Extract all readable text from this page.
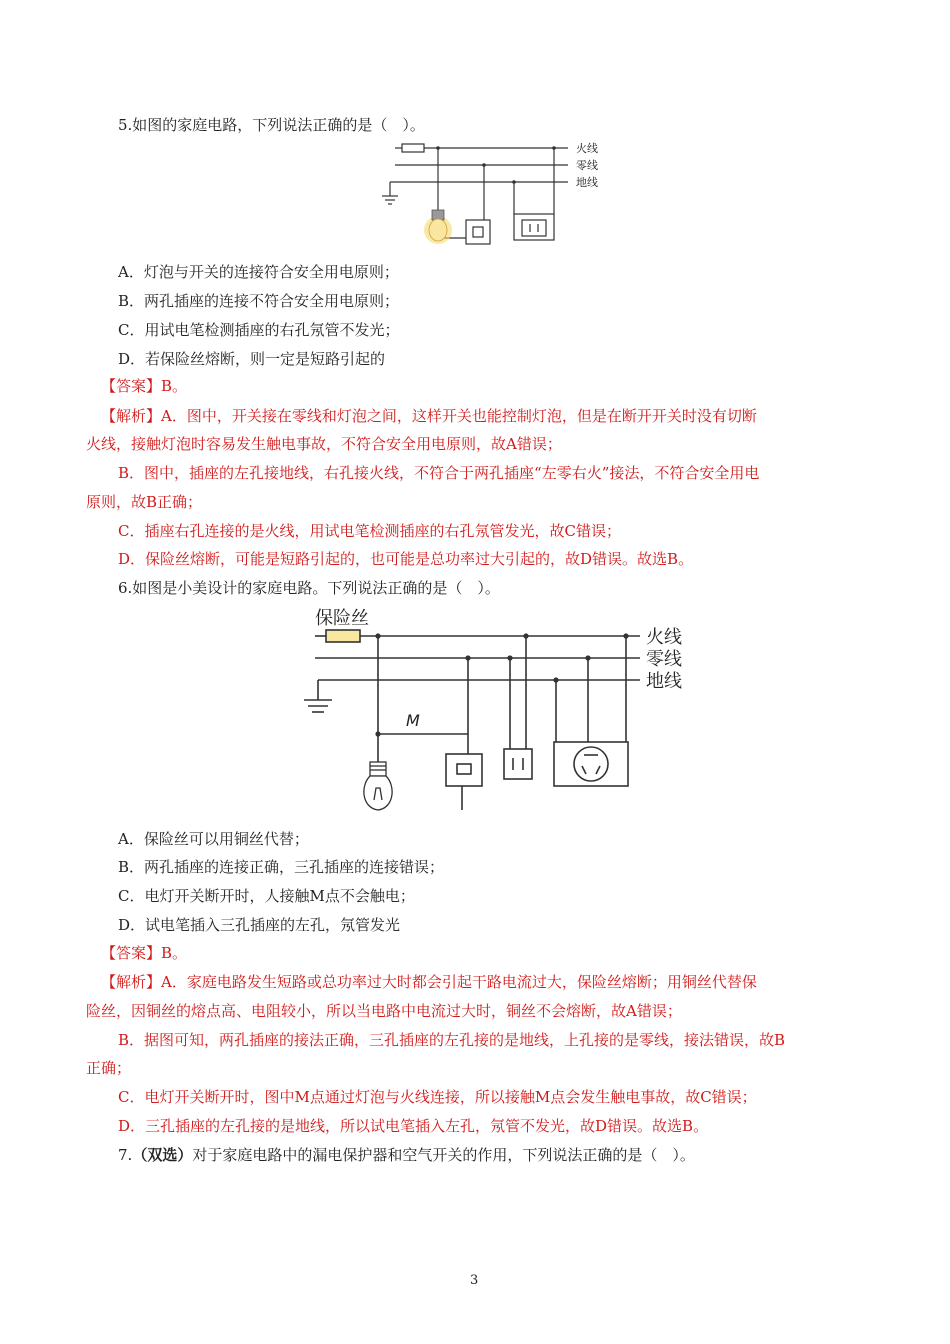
5.如图的家庭电路，下列说法正确的是（　）。
火线
零线
地线
A．灯泡与开关的连接符合安全用电原则；
B．两孔插座的连接不符合安全用电原则；
C．用试电笔检测插座的右孔氖管不发光；
D．若保险丝熔断，则一定是短路引起的
【答案】B。
【解析】A．图中，开关接在零线和灯泡之间，这样开关也能控制灯泡，但是在断开开关时没有切断
火线，接触灯泡时容易发生触电事故，不符合安全用电原则，故A错误；
B．图中，插座的左孔接地线，右孔接火线，不符合于两孔插座“左零右火”接法，不符合安全用电
原则，故B正确；
C．插座右孔连接的是火线，用试电笔检测插座的右孔氖管发光，故C错误；
D．保险丝熔断，可能是短路引起的，也可能是总功率过大引起的，故D错误。故选B。
6.如图是小美设计的家庭电路。下列说法正确的是（　）。
保险丝
火线
零线
地线
M
A．保险丝可以用铜丝代替；
B．两孔插座的连接正确，三孔插座的连接错误；
C．电灯开关断开时，人接触M点不会触电；
D．试电笔插入三孔插座的左孔，氖管发光
【答案】B。
【解析】A．家庭电路发生短路或总功率过大时都会引起干路电流过大，保险丝熔断；用铜丝代替保
险丝，因铜丝的熔点高、电阻较小，所以当电路中电流过大时，铜丝不会熔断，故A错误；
B．据图可知，两孔插座的接法正确，三孔插座的左孔接的是地线，上孔接的是零线，接法错误，故B
正确；
C．电灯开关断开时，图中M点通过灯泡与火线连接，所以接触M点会发生触电事故，故C错误；
D．三孔插座的左孔接的是地线，所以试电笔插入左孔，氖管不发光，故D错误。故选B。
7.（双选）对于家庭电路中的漏电保护器和空气开关的作用，下列说法正确的是（　）。
3
